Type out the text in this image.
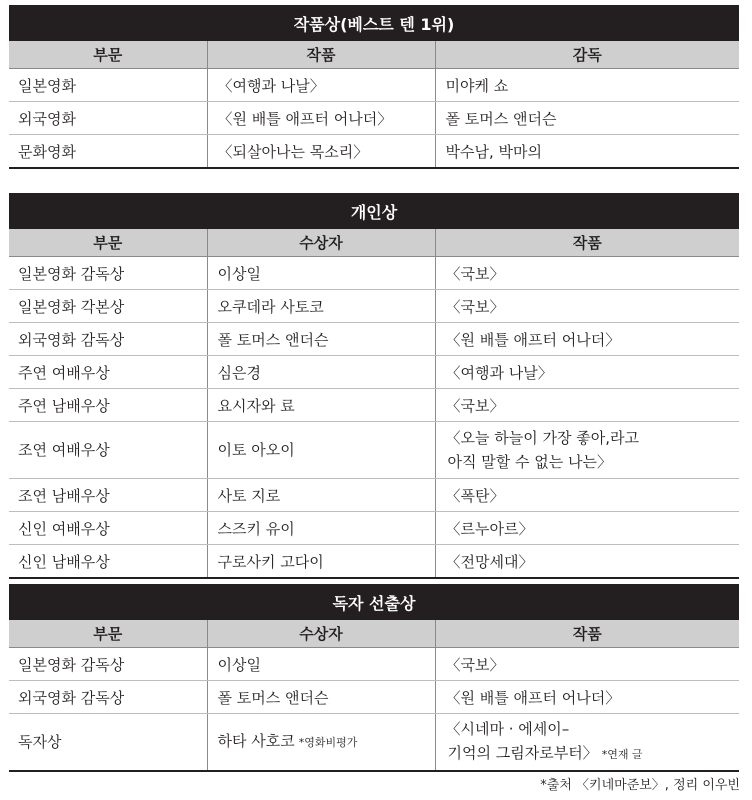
작품상(베스트 텐 1위)		
부문	작품	감독
일본영화	〈여행과 나날〉	미야케 쇼
외국영화	〈원 배틀 애프터 어나더〉	폴 토머스 앤더슨
문화영화	〈되살아나는 목소리〉	박수남, 박마의
개인상		
부문	수상자	작품
일본영화 감독상	이상일	〈국보〉
일본영화 각본상	오쿠데라 사토코	〈국보〉
외국영화 감독상	폴 토머스 앤더슨	〈원 배틀 애프터 어나더〉
주연 여배우상	심은경	〈여행과 나날〉
주연 남배우상	요시자와 료	〈국보〉
조연 여배우상	이토 아오이	〈오늘 하늘이 가장 좋아,라고
아직 말할 수 없는 나는〉

조연 남배우상	사토 지로	〈폭탄〉
신인 여배우상	스즈키 유이	〈르누아르〉
신인 남배우상	구로사키 고다이	〈전망세대〉
독자 선출상		
부문	수상자	작품
일본영화 감독상	이상일	〈국보〉
외국영화 감독상	폴 토머스 앤더슨	〈원 배틀 애프터 어나더〉
독자상	하타 사호코 *영화비평가	〈시네마 · 에세이–
기억의 그림자로부터〉 *연재 글
*출처 〈키네마준보〉, 정리 이우빈
